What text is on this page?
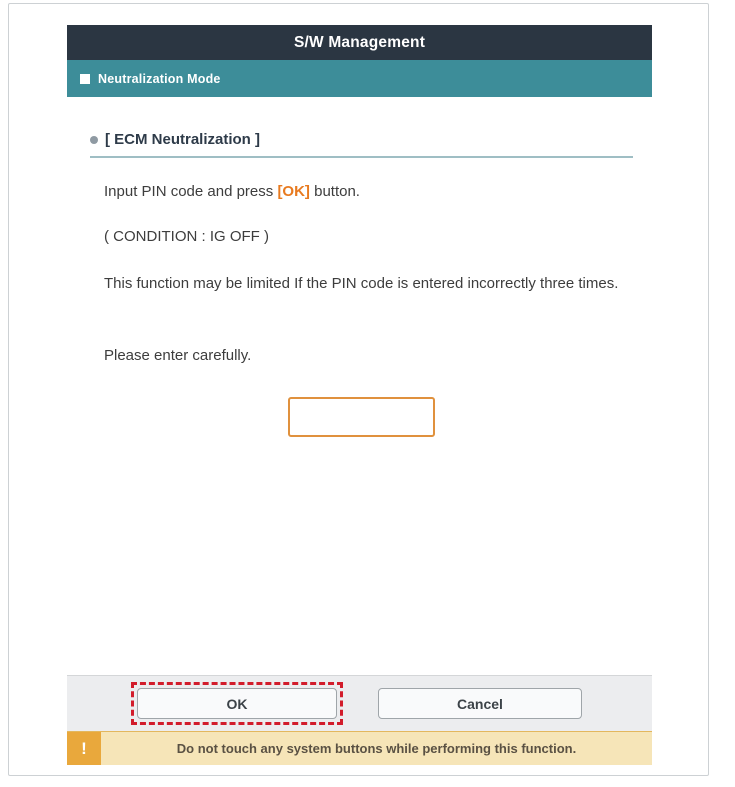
S/W Management
Neutralization Mode
[ ECM Neutralization ]

Input PIN code and press [OK] button.

( CONDITION : IG OFF )

This function may be limited If the PIN code is entered incorrectly three times.

Please enter carefully.

OK	Cancel
!	Do not touch any system buttons while performing this function.
